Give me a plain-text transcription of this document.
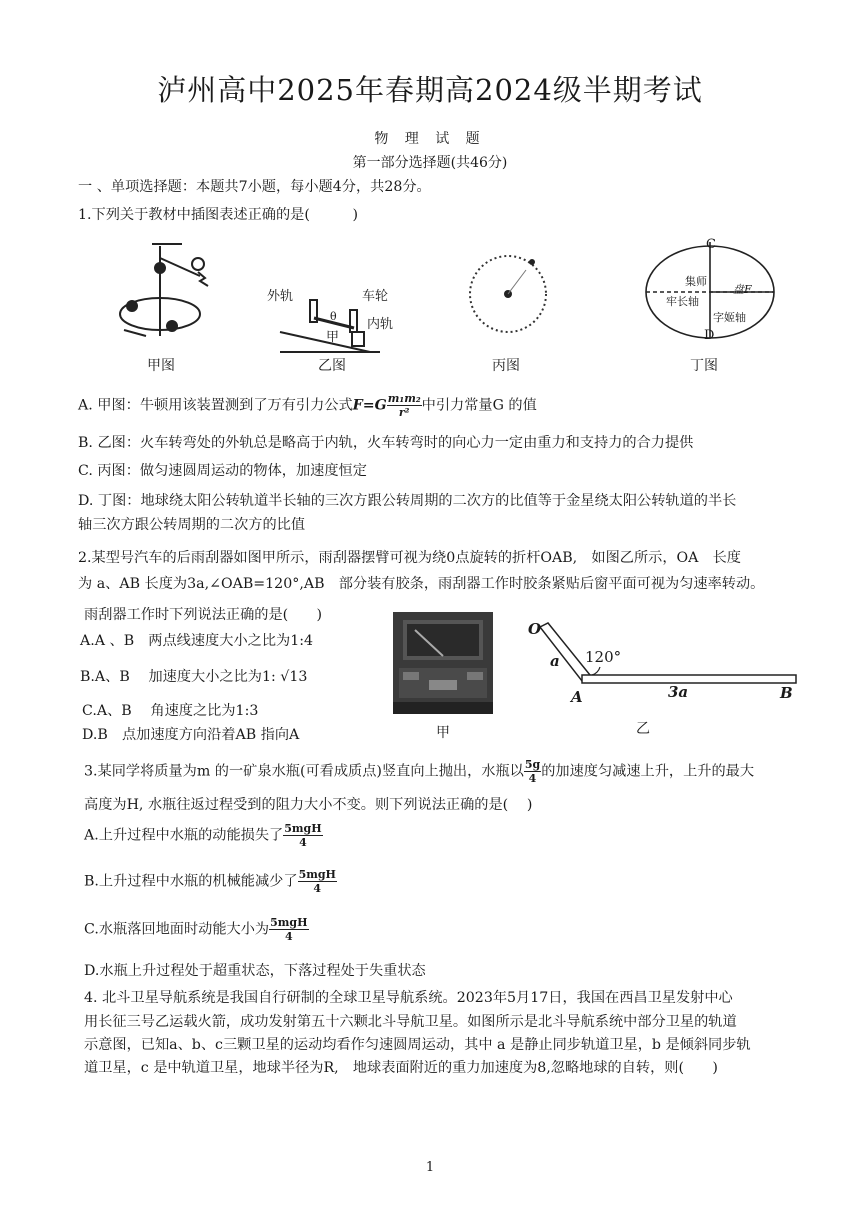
泸州高中2025年春期高2024级半期考试
物 理 试 题
第一部分选择题(共46分)
一 、单项选择题：本题共7小题，每小题4分，共28分。
1.下列关于教材中插图表述正确的是(　　　)
甲图
外轨	车轮
内轨
θ
甲
乙图	丙图
C
集师
盘F
牢长轴
字姬轴
D
丁图
A. 甲图：牛顿用该装置测到了万有引力公式$F=G \frac{\text{m₁m₂}}{\text{r²}}$ 中引力常量G 的值
B. 乙图：火车转弯处的外轨总是略高于内轨，火车转弯时的向心力一定由重力和支持力的合力提供
C. 丙图：做匀速圆周运动的物体，加速度恒定
D. 丁图：地球绕太阳公转轨道半长轴的三次方跟公转周期的二次方的比值等于金星绕太阳公转轨道的半长
轴三次方跟公转周期的二次方的比值
2.某型号汽车的后雨刮器如图甲所示，雨刮器摆臂可视为绕0点旋转的折杆OAB,　如图乙所示，OA　长度
为 a、AB 长度为3a,∠OAB=120°,AB　部分装有胶条，雨刮器工作时胶条紧贴后窗平面可视为匀速率转动。
雨刮器工作时下列说法正确的是(　　)
A.A 、B　两点线速度大小之比为1:4
B.A、B　 加速度大小之比为1: √13
C.A、B　 角速度之比为1:3
D.B　点加速度方向沿着AB 指向A	甲
O
a 120°
A	3a	B
乙
3.某同学将质量为m 的一矿泉水瓶(可看成质点)竖直向上抛出，水瓶以 $\frac{5g}{4}$ 的加速度匀减速上升，上升的最大
高度为H, 水瓶往返过程受到的阻力大小不变。则下列说法正确的是(　 )
A.上升过程中水瓶的动能损失了 $\frac{\text{5mgH}}{4}$
B.上升过程中水瓶的机械能减少了 $\frac{\text{5mgH}}{4}$
C.水瓶落回地面时动能大小为 $\frac{\text{5mgH}}{4}$
D.水瓶上升过程处于超重状态，下落过程处于失重状态
4. 北斗卫星导航系统是我国自行研制的全球卫星导航系统。2023年5月17日，我国在西昌卫星发射中心
用长征三号乙运载火箭，成功发射第五十六颗北斗导航卫星。如图所示是北斗导航系统中部分卫星的轨道
示意图，已知a、b、c三颗卫星的运动均看作匀速圆周运动，其中 a 是静止同步轨道卫星，b 是倾斜同步轨
道卫星，c 是中轨道卫星，地球半径为R,　地球表面附近的重力加速度为8,忽略地球的自转，则(　　)
1
